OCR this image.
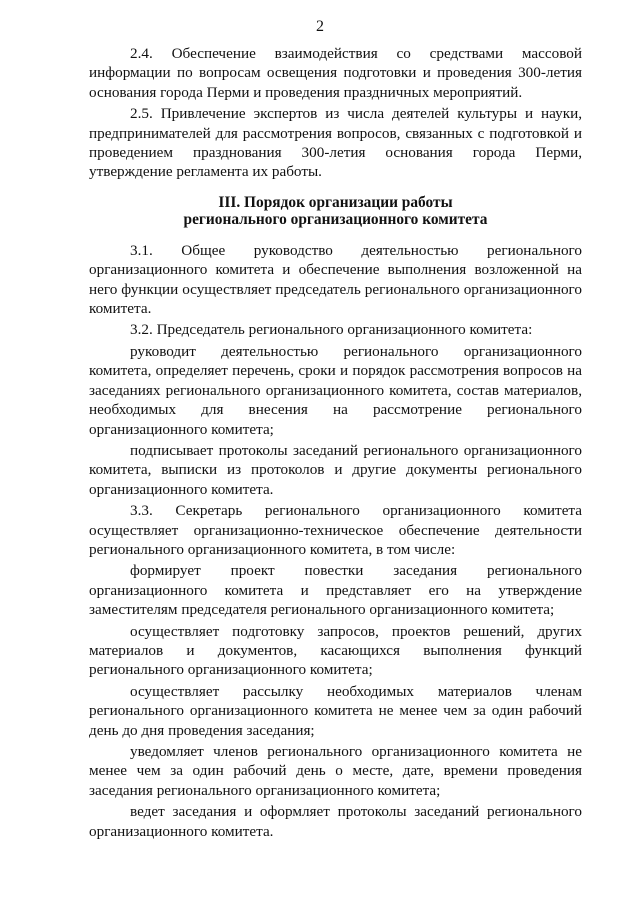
2

2.4. Обеспечение взаимодействия со средствами массовой информации по вопросам освещения подготовки и проведения 300-летия основания города Перми и проведения праздничных мероприятий.

2.5. Привлечение экспертов из числа деятелей культуры и науки, предпринимателей для рассмотрения вопросов, связанных с подготовкой и проведением празднования 300-летия основания города Перми, утверждение регламента их работы.

III. Порядок организации работы
регионального организационного комитета

3.1. Общее руководство деятельностью регионального организационного комитета и обеспечение выполнения возложенной на него функции осуществляет председатель регионального организационного комитета.

3.2. Председатель регионального организационного комитета:

руководит деятельностью регионального организационного комитета, определяет перечень, сроки и порядок рассмотрения вопросов на заседаниях регионального организационного комитета, состав материалов, необходимых для внесения на рассмотрение регионального организационного комитета;

подписывает протоколы заседаний регионального организационного комитета, выписки из протоколов и другие документы регионального организационного комитета.

3.3. Секретарь регионального организационного комитета осуществляет организационно-техническое обеспечение деятельности регионального организационного комитета, в том числе:

формирует проект повестки заседания регионального организационного комитета и представляет его на утверждение заместителям председателя регионального организационного комитета;

осуществляет подготовку запросов, проектов решений, других материалов и документов, касающихся выполнения функций регионального организационного комитета;

осуществляет рассылку необходимых материалов членам регионального организационного комитета не менее чем за один рабочий день до дня проведения заседания;

уведомляет членов регионального организационного комитета не менее чем за один рабочий день о месте, дате, времени проведения заседания регионального организационного комитета;

ведет заседания и оформляет протоколы заседаний регионального организационного комитета.
